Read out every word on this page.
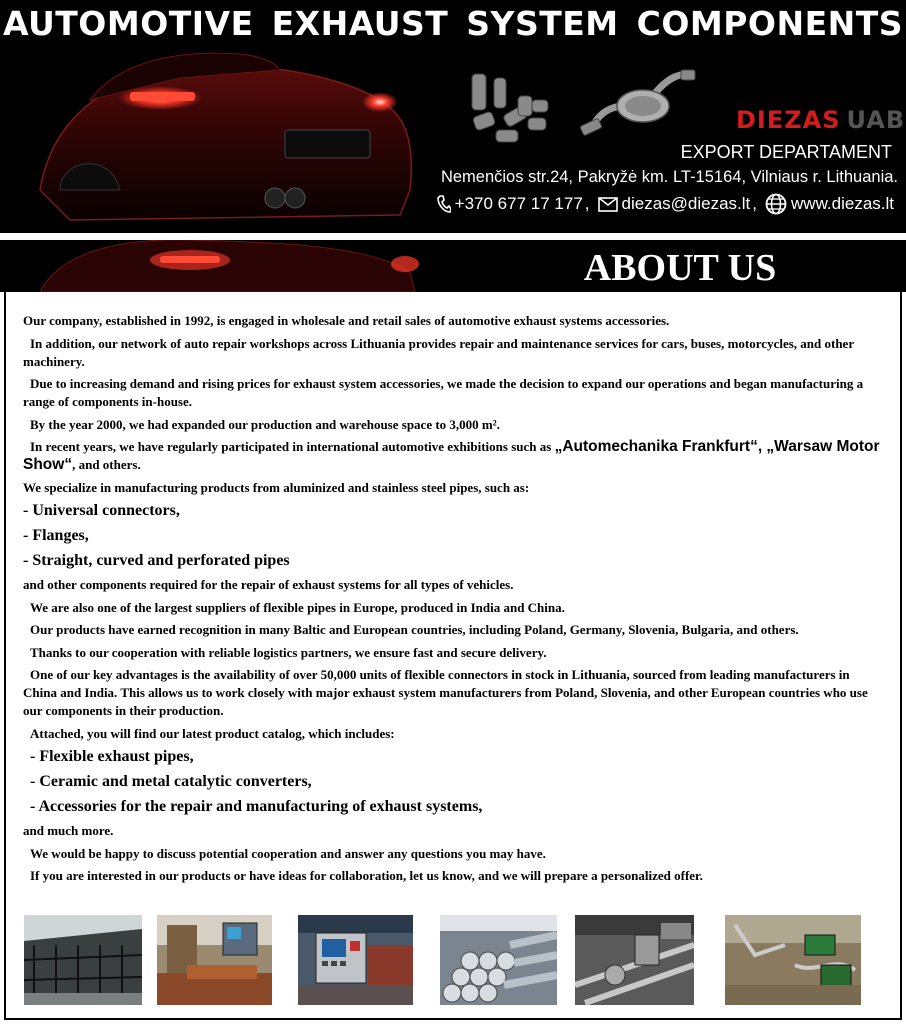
AUTOMOTIVE EXHAUST SYSTEM COMPONENTS
DIEZAS UAB
EXPORT DEPARTAMENT
Nemenčios str.24, Pakryžė km. LT-15164, Vilniaus r. Lithuania.
+370 677 17 177 , diezas@diezas.lt , www.diezas.lt
ABOUT US

Our company, established in 1992, is engaged in wholesale and retail sales of automotive exhaust systems accessories.

In addition, our network of auto repair workshops across Lithuania provides repair and maintenance services for cars, buses, motorcycles, and other machinery.

Due to increasing demand and rising prices for exhaust system accessories, we made the decision to expand our operations and began manufacturing a range of components in-house.

By the year 2000, we had expanded our production and warehouse space to 3,000 m².

In recent years, we have regularly participated in international automotive exhibitions such as „Automechanika Frankfurt“, „Warsaw Motor Show“, and others.

We specialize in manufacturing products from aluminized and stainless steel pipes, such as:

- Universal connectors,

- Flanges,

- Straight, curved and perforated pipes

and other components required for the repair of exhaust systems for all types of vehicles.

We are also one of the largest suppliers of flexible pipes in Europe, produced in India and China.

Our products have earned recognition in many Baltic and European countries, including Poland, Germany, Slovenia, Bulgaria, and others.

Thanks to our cooperation with reliable logistics partners, we ensure fast and secure delivery.

One of our key advantages is the availability of over 50,000 units of flexible connectors in stock in Lithuania, sourced from leading manufacturers in China and India. This allows us to work closely with major exhaust system manufacturers from Poland, Slovenia, and other European countries who use our components in their production.

Attached, you will find our latest product catalog, which includes:

- Flexible exhaust pipes,

- Ceramic and metal catalytic converters,

- Accessories for the repair and manufacturing of exhaust systems,

and much more.

We would be happy to discuss potential cooperation and answer any questions you may have.

If you are interested in our products or have ideas for collaboration, let us know, and we will prepare a personalized offer.
